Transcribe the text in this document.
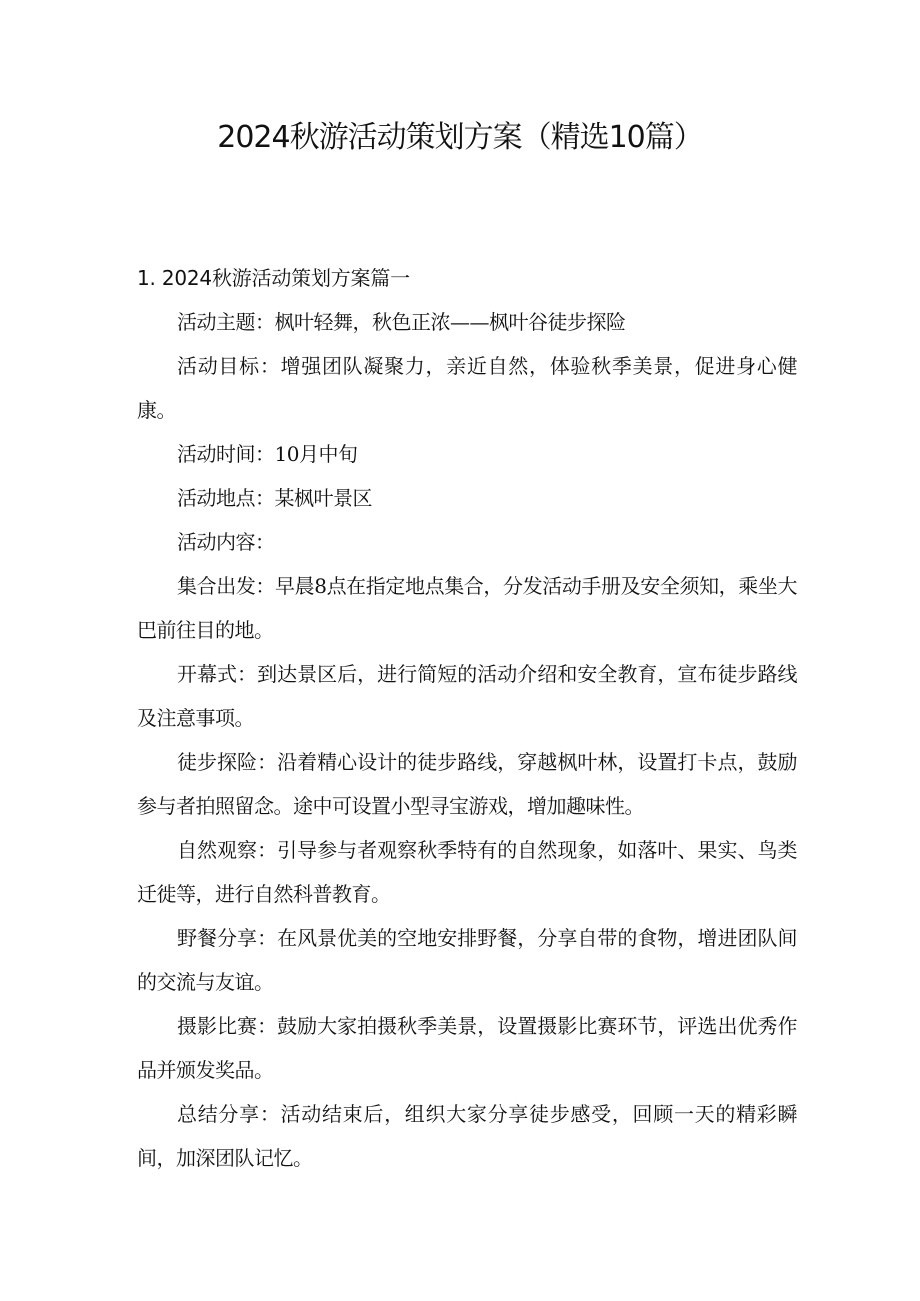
2024秋游活动策划方案（精选10篇）
1. 2024秋游活动策划方案篇一

活动主题：枫叶轻舞，秋色正浓——枫叶谷徒步探险

活动目标：增强团队凝聚力，亲近自然，体验秋季美景，促进身心健康。

活动时间：10月中旬

活动地点：某枫叶景区

活动内容：

集合出发：早晨8点在指定地点集合，分发活动手册及安全须知，乘坐大巴前往目的地。

开幕式：到达景区后，进行简短的活动介绍和安全教育，宣布徒步路线及注意事项。

徒步探险：沿着精心设计的徒步路线，穿越枫叶林，设置打卡点，鼓励参与者拍照留念。途中可设置小型寻宝游戏，增加趣味性。

自然观察：引导参与者观察秋季特有的自然现象，如落叶、果实、鸟类迁徙等，进行自然科普教育。

野餐分享：在风景优美的空地安排野餐，分享自带的食物，增进团队间的交流与友谊。

摄影比赛：鼓励大家拍摄秋季美景，设置摄影比赛环节，评选出优秀作品并颁发奖品。

总结分享：活动结束后，组织大家分享徒步感受，回顾一天的精彩瞬间，加深团队记忆。
